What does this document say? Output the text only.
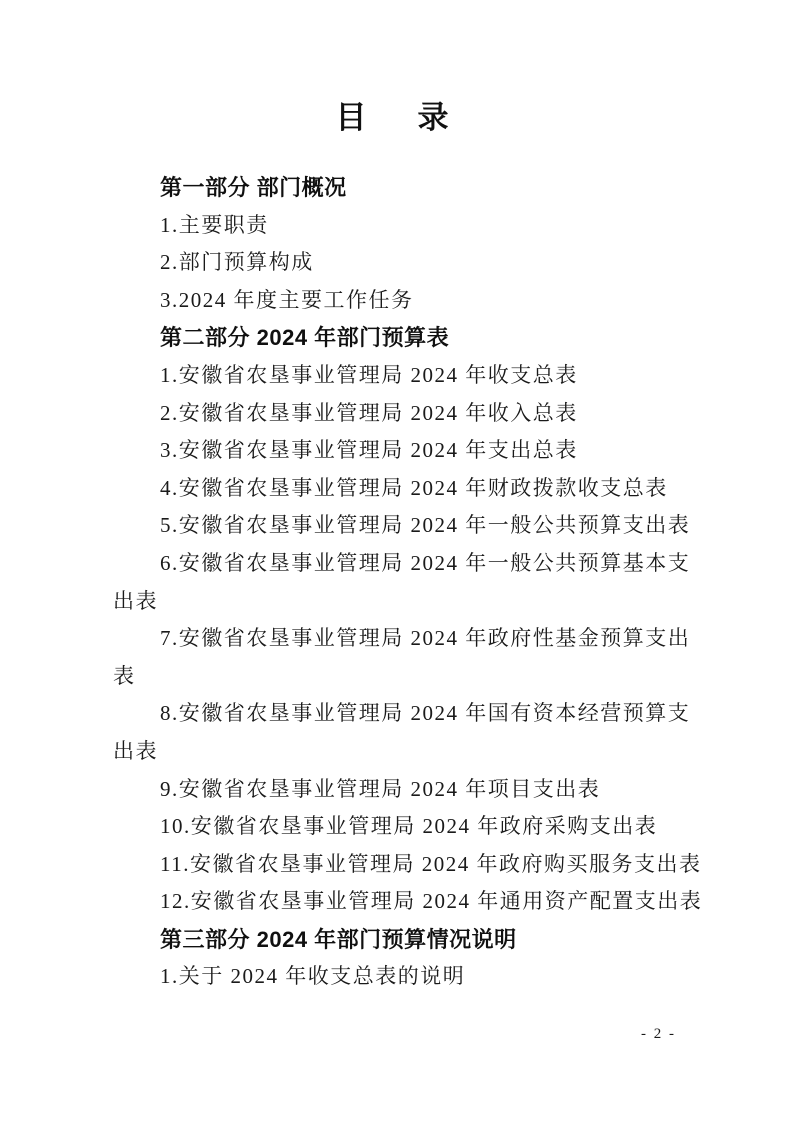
目　录
第一部分 部门概况
1.主要职责
2.部门预算构成
3.2024 年度主要工作任务
第二部分 2024 年部门预算表
1.安徽省农垦事业管理局 2024 年收支总表
2.安徽省农垦事业管理局 2024 年收入总表
3.安徽省农垦事业管理局 2024 年支出总表
4.安徽省农垦事业管理局 2024 年财政拨款收支总表
5.安徽省农垦事业管理局 2024 年一般公共预算支出表
6.安徽省农垦事业管理局 2024 年一般公共预算基本支
出表
7.安徽省农垦事业管理局 2024 年政府性基金预算支出
表
8.安徽省农垦事业管理局 2024 年国有资本经营预算支
出表
9.安徽省农垦事业管理局 2024 年项目支出表
10.安徽省农垦事业管理局 2024 年政府采购支出表
11.安徽省农垦事业管理局 2024 年政府购买服务支出表
12.安徽省农垦事业管理局 2024 年通用资产配置支出表
第三部分 2024 年部门预算情况说明
1.关于 2024 年收支总表的说明
- 2 -
